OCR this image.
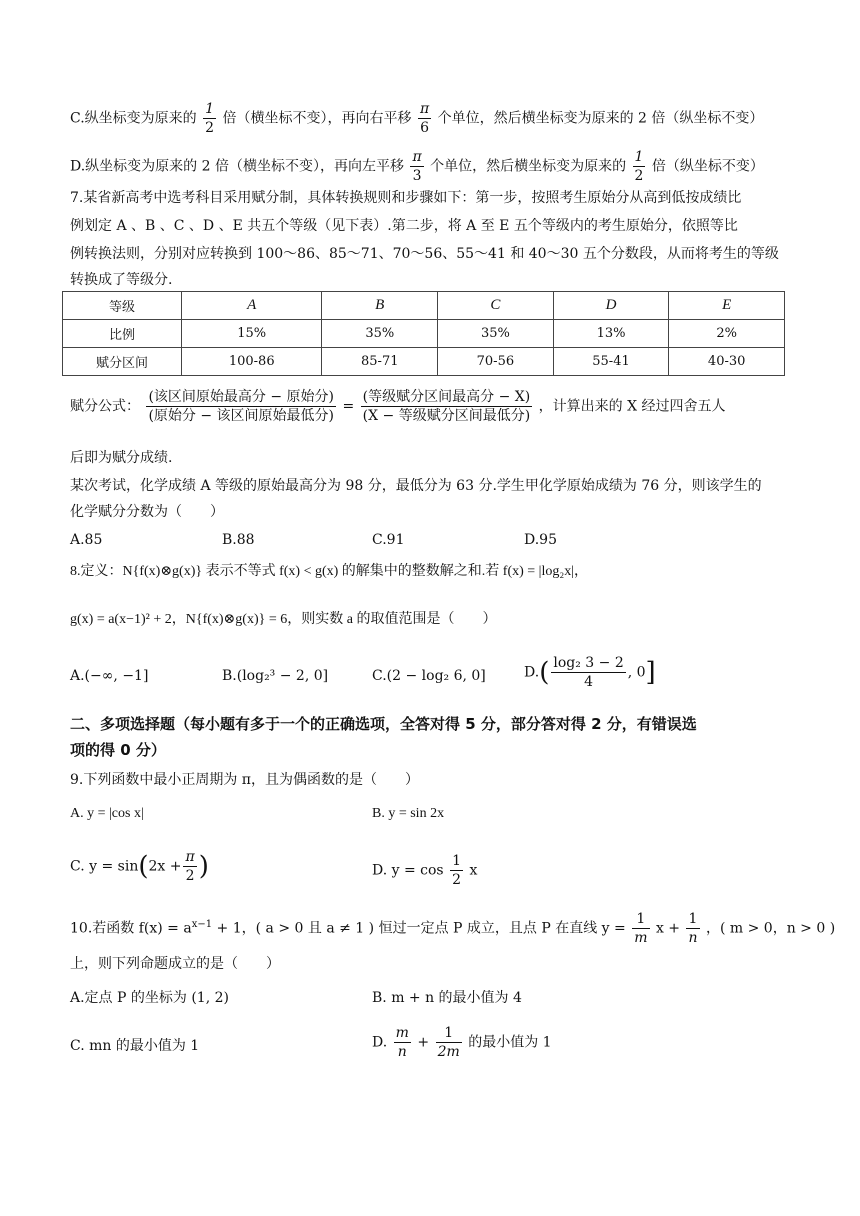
C.纵坐标变为原来的 $\frac{1}{2}$ 倍（横坐标不变），再向右平移 $\frac{\pi}{6}$ 个单位，然后横坐标变为原来的 2 倍（纵坐标不变）
D.纵坐标变为原来的 2 倍（横坐标不变），再向左平移 $\frac{\pi}{3}$ 个单位，然后横坐标变为原来的 $\frac{1}{2}$ 倍（纵坐标不变）
7.某省新高考中选考科目采用赋分制，具体转换规则和步骤如下：第一步，按照考生原始分从高到低按成绩比
例划定 A 、B 、C 、D 、E 共五个等级（见下表）.第二步，将 A 至 E 五个等级内的考生原始分，依照等比
例转换法则，分别对应转换到 100～86、85～71、70～56、55～41 和 40～30 五个分数段，从而将考生的等级
转换成了等级分.
等级	A	B	C	D	E
比例	15%	35%	35%	13%	2%
赋分区间	100-86	85-71	70-56	55-41	40-30
赋分公式： $\frac{\text{(该区间原始最高分 − 原始分)}}{\text{(原始分 − 该区间原始最低分)}} = \frac{\text{(等级赋分区间最高分 − X)}}{\text{(X − 等级赋分区间最低分)}}$ ，计算出来的 X 经过四舍五人
后即为赋分成绩.
某次考试，化学成绩 A 等级的原始最高分为 98 分，最低分为 63 分.学生甲化学原始成绩为 76 分，则该学生的
化学赋分分数为（　　）
A.85	B.88	C.91	D.95
8.定义：N{f(x)⊗g(x)} 表示不等式 f(x) < g(x) 的解集中的整数解之和.若 f(x) = |log₂x|，
g(x) = a(x−1)² + 2，N{f(x)⊗g(x)} = 6，则实数 a 的取值范围是（　　）
A.(−∞, −1]	B.(log₂³ − 2, 0]	C.(2 − log₂ 6, 0]	$D.( \frac{\text{log₂ 3 − 2}}{4}$ , 0]
二、多项选择题（每小题有多于一个的正确选项，全答对得 5 分，部分答对得 2 分，有错误选
项的得 0 分）
9.下列函数中最小正周期为 π，且为偶函数的是（　　）
A. y = |cos x|	B. y = sin 2x
C. $y = \sin(2x + \frac{\pi}{2}$ )	D. $y = \cos \frac{1}{2}$ x
10.若函数 $f(x) = a^{x-1} + 1$，( a > 0 且 a ≠ 1 ) 恒过一定点 P 成立，且点 P 在直线 $y = \frac{1}{m}$ $x + \frac{1}{n}$ ，( m > 0，n > 0 )
上，则下列命题成立的是（　　）
A.定点 P 的坐标为 (1, 2)	B. m + n 的最小值为 4
C. mn 的最小值为 1	D. $\frac{m}{n} + \frac{1}{2m}$ 的最小值为 1
